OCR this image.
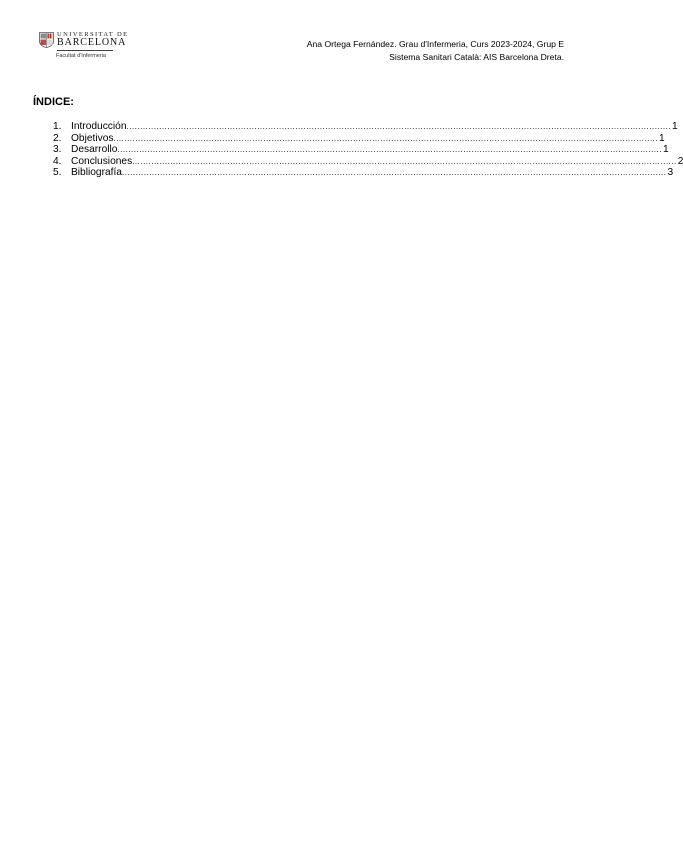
UNIVERSITAT DE
BARCELONA
Facultat d'Infermeria
Ana Ortega Fernández. Grau d'Infermeria, Curs 2023-2024, Grup E
Sistema Sanitari Català: AIS Barcelona Dreta.
ÍNDICE:
1. Introducción ........................................................................................................................................................................................................ 1
2. Objetivos ........................................................................................................................................................................................................ 1
3. Desarrollo ........................................................................................................................................................................................................ 1
4. Conclusiones ........................................................................................................................................................................................................ 2
5. Bibliografía ........................................................................................................................................................................................................ 3
